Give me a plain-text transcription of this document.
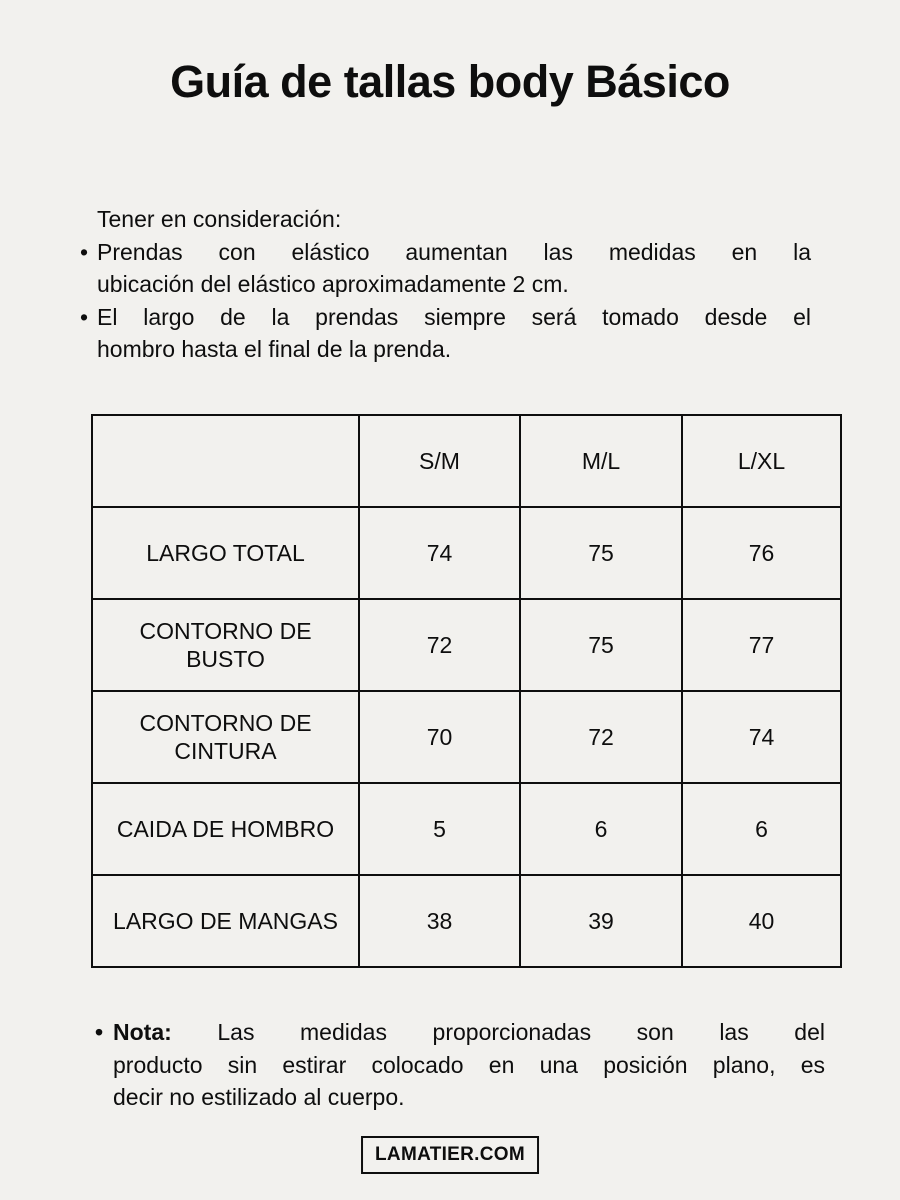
Guía de tallas body Básico
Tener en consideración:
• Prendas con elástico aumentan las medidas en la
ubicación del elástico aproximadamente 2 cm.
• El largo de la prendas siempre será tomado desde el
hombro hasta el final de la prenda.
	S/M	M/L	L/XL

LARGO TOTAL	74	75	76

CONTORNO DE
BUSTO	72	75	77

CONTORNO DE
CINTURA	70	72	74

CAIDA DE HOMBRO	5	6	6

LARGO DE MANGAS	38	39	40
• Nota: Las medidas proporcionadas son las del
producto sin estirar colocado en una posición plano, es
decir no estilizado al cuerpo.
LAMATIER.COM
